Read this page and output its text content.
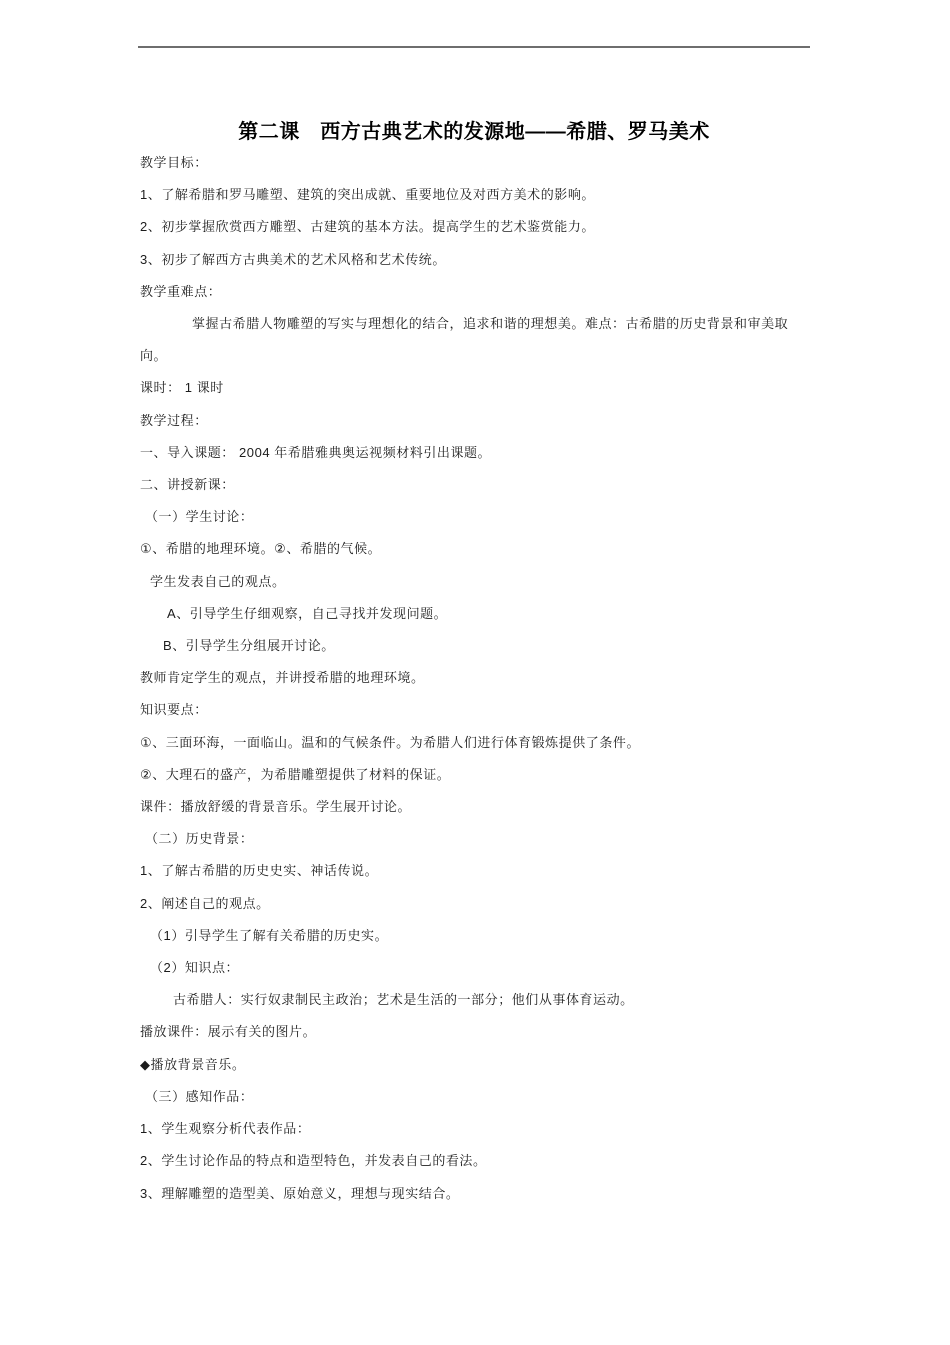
第二课　西方古典艺术的发源地——希腊、罗马美术

教学目标：

1、了解希腊和罗马雕塑、建筑的突出成就、重要地位及对西方美术的影响。

2、初步掌握欣赏西方雕塑、古建筑的基本方法。提高学生的艺术鉴赏能力。

3、初步了解西方古典美术的艺术风格和艺术传统。

教学重难点：

掌握古希腊人物雕塑的写实与理想化的结合，追求和谐的理想美。难点：古希腊的历史背景和审美取向。

课时： 1 课时

教学过程：

一、导入课题： 2004 年希腊雅典奥运视频材料引出课题。

二、讲授新课：

（一）学生讨论：

①、希腊的地理环境。②、希腊的气候。

学生发表自己的观点。

A、引导学生仔细观察，自己寻找并发现问题。

B、引导学生分组展开讨论。

教师肯定学生的观点，并讲授希腊的地理环境。

知识要点：

①、三面环海，一面临山。温和的气候条件。为希腊人们进行体育锻炼提供了条件。

②、大理石的盛产，为希腊雕塑提供了材料的保证。

课件：播放舒缓的背景音乐。学生展开讨论。

（二）历史背景：

1、了解古希腊的历史史实、神话传说。

2、阐述自己的观点。

（1）引导学生了解有关希腊的历史实。

（2）知识点：

古希腊人：实行奴隶制民主政治；艺术是生活的一部分；他们从事体育运动。

播放课件：展示有关的图片。

◆播放背景音乐。

（三）感知作品：

1、学生观察分析代表作品：

2、学生讨论作品的特点和造型特色，并发表自己的看法。

3、理解雕塑的造型美、原始意义，理想与现实结合。
